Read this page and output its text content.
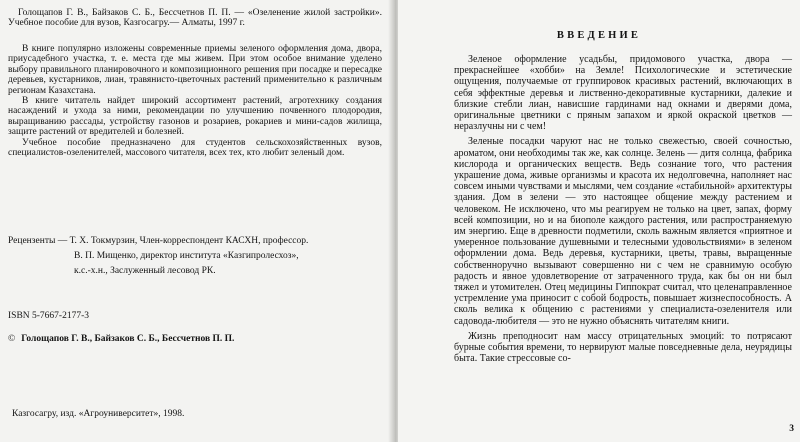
Голощапов Г. В., Байзаков С. Б., Бессчетнов П. П. — «Озеленение жилой застройки». Учебное пособие для вузов, Казгосагру.— Алматы, 1997 г.

В книге популярно изложены современные приемы зеленого оформления дома, двора, приусадебного участка, т. е. места где мы живем. При этом особое внимание уделено выбору правильного планировочного и композиционного решения при посадке и пересадке деревьев, кустарников, лиан, травянисто-цветочных растений применительно к различным регионам Казахстана.

В книге читатель найдет широкий ассортимент растений, агротехнику создания насаждений и ухода за ними, рекомендации по улучшению почвенного плодородия, выращиванию рассады, устройству газонов и розариев, рокариев и мини-садов жилища, защите растений от вредителей и болезней.

Учебное пособие предназначено для студентов сельскохозяйственных вузов, специалистов-озеленителей, массового читателя, всех тех, кто любит зеленый дом.

Рецензенты — Т. Х. Токмурзин, Член-корреспондент КАСХН, профессор.
В. П. Мищенко, директор института «Казгипролесхоз»,
к.с.-х.н., Заслуженный лесовод РК.
ISBN 5-7667-2177-3
© Голощапов Г. В., Байзаков С. Б., Бессчетнов П. П.
Казгосагру, изд. «Агроуниверситет», 1998.
ВВЕДЕНИЕ

Зеленое оформление усадьбы, придомового участка, двора — прекраснейшее «хобби» на Земле! Психологические и эстетические ощущения, получаемые от группировок красивых растений, включающих в себя эффектные деревья и лиственно-декоративные кустарники, далекие и близкие стебли лиан, нависшие гардинами над окнами и дверями дома, оригинальные цветники с пряным запахом и яркой окраской цветков — неразлучны ни с чем!

Зеленые посадки чаруют нас не только свежестью, своей сочностью, ароматом, они необходимы так же, как солнце. Зелень — дитя солнца, фабрика кислорода и органических веществ. Ведь сознание того, что растения украшение дома, живые организмы и красота их недолговечна, наполняет нас совсем иными чувствами и мыслями, чем создание «стабильной» архитектуры здания. Дом в зелени — это настоящее общение между растением и человеком. Не исключено, что мы реагируем не только на цвет, запах, форму всей композиции, но и на биополе каждого растения, или распространяемую им энергию. Еще в древности подметили, сколь важным является «приятное и умеренное пользование душевными и телесными удовольствиями» в зеленом оформлении дома. Ведь деревья, кустарники, цветы, травы, выращенные собственноручно вызывают совершенно ни с чем не сравнимую особую радость и явное удовлетворение от затраченного труда, как бы он ни был тяжел и утомителен. Отец медицины Гиппократ считал, что целенаправленное устремление ума приносит с собой бодрость, повышает жизнеспособность. А сколь велика к общению с растениями у специалиста-озеленителя или садовода-любителя — это не нужно объяснять читателям книги.

Жизнь преподносит нам массу отрицательных эмоций: то потрясают бурные события времени, то нервируют малые повседневные дела, неурядицы быта. Такие стрессовые со-

3
